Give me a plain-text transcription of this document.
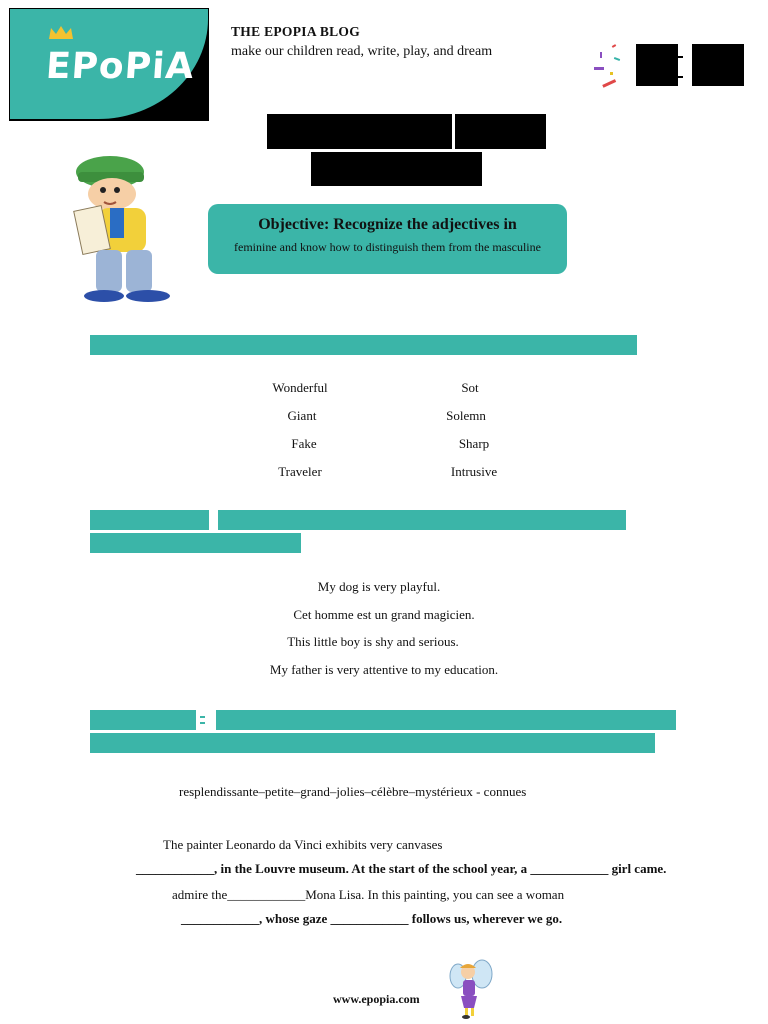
EPoPiA
THE EPOPIA BLOG
make our children read, write, play, and dream
Objective: Recognize the adjectives in
feminine and know how to distinguish them from the masculine
Wonderful
Giant
Fake
Traveler
Sot
Solemn
Sharp
Intrusive
My dog is very playful.
Cet homme est un grand magicien.
This little boy is shy and serious.
My father is very attentive to my education.
resplendissante–petite–grand–jolies–célèbre–mystérieux - connues
The painter Leonardo da Vinci exhibits very canvases
____________, in the Louvre museum. At the start of the school year, a ____________ girl came.
admire the____________Mona Lisa. In this painting, you can see a woman
____________, whose gaze ____________ follows us, wherever we go.
www.epopia.com
